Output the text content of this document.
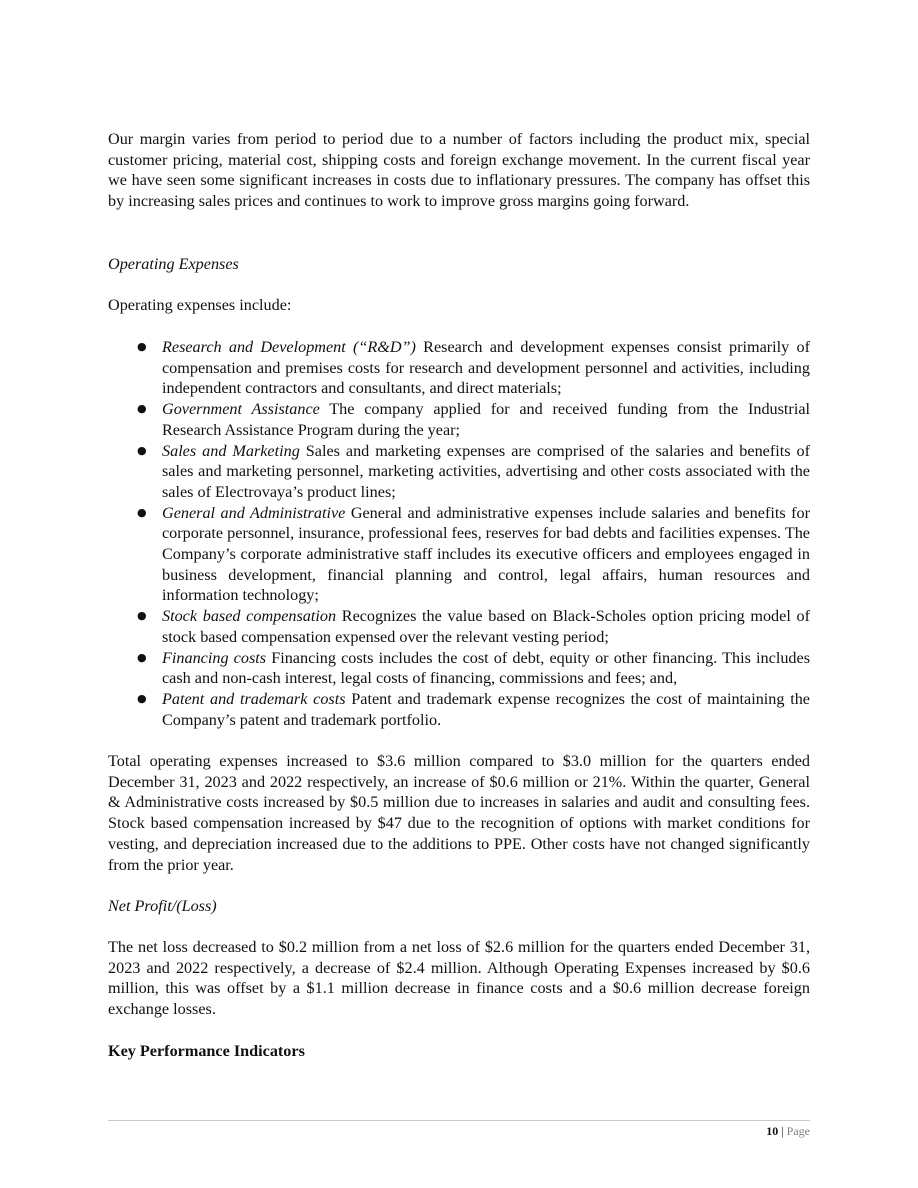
Our margin varies from period to period due to a number of factors including the product mix, special customer pricing, material cost, shipping costs and foreign exchange movement. In the current fiscal year we have seen some significant increases in costs due to inflationary pressures. The company has offset this by increasing sales prices and continues to work to improve gross margins going forward.

Operating Expenses
Operating expenses include:
● Research and Development (“R&D”) Research and development expenses consist primarily of compensation and premises costs for research and development personnel and activities, including independent contractors and consultants, and direct materials;
● Government Assistance The company applied for and received funding from the Industrial Research Assistance Program during the year;
● Sales and Marketing Sales and marketing expenses are comprised of the salaries and benefits of sales and marketing personnel, marketing activities, advertising and other costs associated with the sales of Electrovaya’s product lines;
● General and Administrative General and administrative expenses include salaries and benefits for corporate personnel, insurance, professional fees, reserves for bad debts and facilities expenses. The Company’s corporate administrative staff includes its executive officers and employees engaged in business development, financial planning and control, legal affairs, human resources and information technology;
● Stock based compensation Recognizes the value based on Black-Scholes option pricing model of stock based compensation expensed over the relevant vesting period;
● Financing costs Financing costs includes the cost of debt, equity or other financing. This includes cash and non-cash interest, legal costs of financing, commissions and fees; and,
● Patent and trademark costs Patent and trademark expense recognizes the cost of maintaining the Company’s patent and trademark portfolio.

Total operating expenses increased to $3.6 million compared to $3.0 million for the quarters ended December 31, 2023 and 2022 respectively, an increase of $0.6 million or 21%. Within the quarter, General & Administrative costs increased by $0.5 million due to increases in salaries and audit and consulting fees. Stock based compensation increased by $47 due to the recognition of options with market conditions for vesting, and depreciation increased due to the additions to PPE. Other costs have not changed significantly from the prior year.

Net Profit/(Loss)

The net loss decreased to $0.2 million from a net loss of $2.6 million for the quarters ended December 31, 2023 and 2022 respectively, a decrease of $2.4 million. Although Operating Expenses increased by $0.6 million, this was offset by a $1.1 million decrease in finance costs and a $0.6 million decrease foreign exchange losses.

Key Performance Indicators
10 | Page
